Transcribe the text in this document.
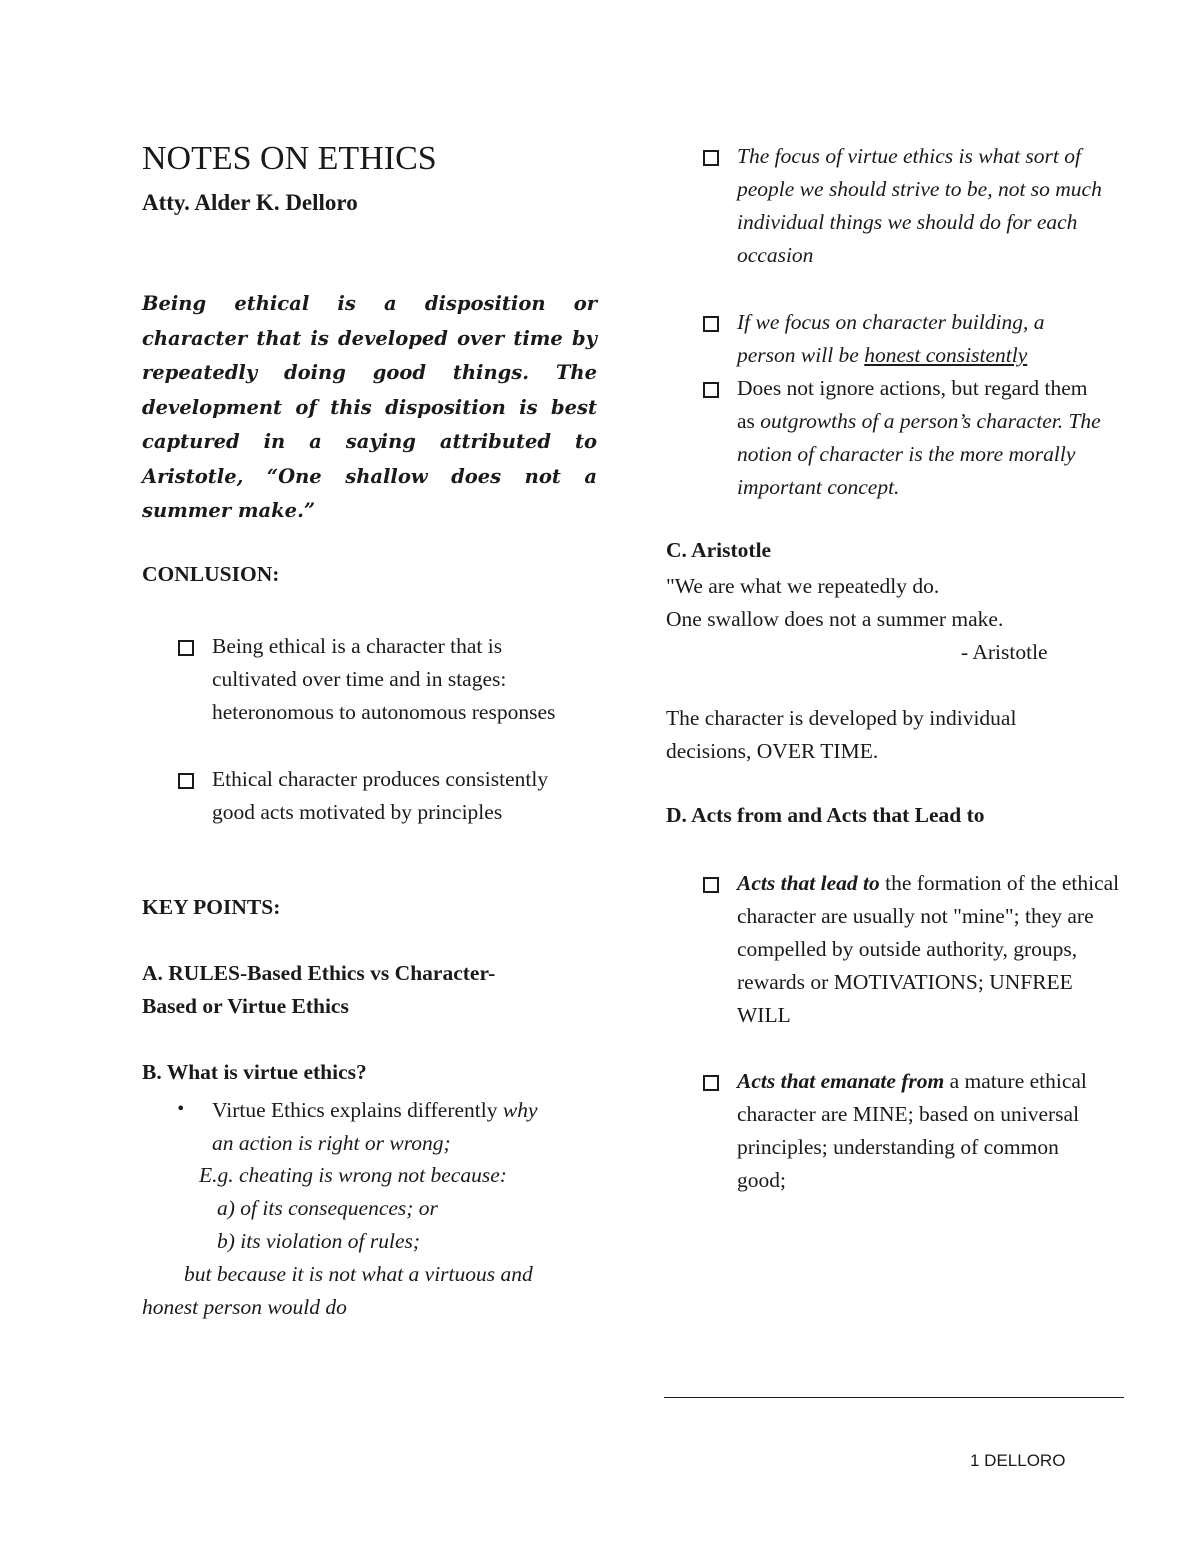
NOTES ON ETHICS
Atty. Alder K. Delloro
Being ethical is a disposition or character that is developed over time by repeatedly doing good things. The development of this disposition is best captured in a saying attributed to Aristotle, “One shallow does not a summer make.”
CONLUSION:
Being ethical is a character that is cultivated over time and in stages: heteronomous to autonomous responses
Ethical character produces consistently good acts motivated by principles
KEY POINTS:
A. RULES-Based Ethics vs Character-
Based or Virtue Ethics
B. What is virtue ethics?
• Virtue Ethics explains differently why
an action is right or wrong;
E.g. cheating is wrong not because:
a) of its consequences; or
b) its violation of rules;
but because it is not what a virtuous and
honest person would do
The focus of virtue ethics is what sort of people we should strive to be, not so much individual things we should do for each occasion
If we focus on character building, a person will be honest consistently
Does not ignore actions, but regard them as outgrowths of a person’s character. The notion of character is the more morally important concept.
C. Aristotle
"We are what we repeatedly do.
One swallow does not a summer make.
- Aristotle
The character is developed by individual
decisions, OVER TIME.
D. Acts from and Acts that Lead to
Acts that lead to the formation of the ethical character are usually not "mine"; they are compelled by outside authority, groups, rewards or MOTIVATIONS; UNFREE WILL
Acts that emanate from a mature ethical character are MINE; based on universal principles; understanding of common good;
1 DELLORO
